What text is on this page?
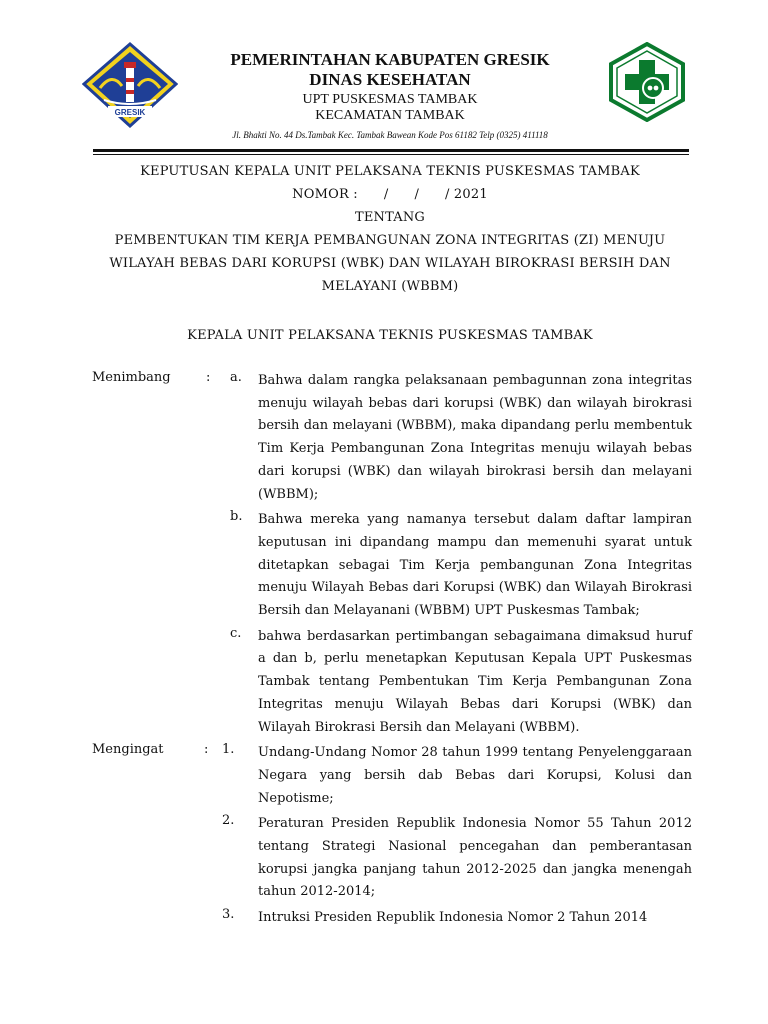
GRESIK
PEMERINTAHAN KABUPATEN GRESIK
DINAS KESEHATAN
UPT PUSKESMAS TAMBAK
KECAMATAN TAMBAK
Jl. Bhakti No. 44 Ds.Tambak Kec. Tambak Bawean Kode Pos 61182 Telp (0325) 411118
KEPUTUSAN KEPALA UNIT PELAKSANA TEKNIS PUSKESMAS TAMBAK
NOMOR :      /      /      / 2021
TENTANG
PEMBENTUKAN TIM KERJA PEMBANGUNAN ZONA INTEGRITAS (ZI) MENUJU WILAYAH BEBAS DARI KORUPSI (WBK) DAN WILAYAH BIROKRASI BERSIH DAN MELAYANI (WBBM)
KEPALA UNIT PELAKSANA TEKNIS PUSKESMAS TAMBAK
Menimbang	: a. Bahwa dalam rangka pelaksanaan pembagunnan zona integritas menuju wilayah bebas dari korupsi (WBK) dan wilayah birokrasi bersih dan melayani (WBBM), maka dipandang perlu membentuk Tim Kerja Pembangunan Zona Integritas menuju wilayah bebas dari korupsi (WBK) dan wilayah birokrasi bersih dan melayani (WBBM);
b. Bahwa mereka yang namanya tersebut dalam daftar lampiran keputusan ini dipandang mampu dan memenuhi syarat untuk ditetapkan sebagai Tim Kerja pembangunan Zona Integritas menuju Wilayah Bebas dari Korupsi (WBK) dan Wilayah Birokrasi Bersih dan Melayanani (WBBM) UPT Puskesmas Tambak;
c. bahwa berdasarkan pertimbangan sebagaimana dimaksud huruf a dan b, perlu menetapkan Keputusan Kepala UPT Puskesmas Tambak tentang Pembentukan Tim Kerja Pembangunan Zona Integritas menuju Wilayah Bebas dari Korupsi (WBK) dan Wilayah Birokrasi Bersih dan Melayani (WBBM).
Mengingat	: 1. Undang-Undang Nomor 28 tahun 1999 tentang Penyelenggaraan Negara yang bersih dab Bebas dari Korupsi, Kolusi dan Nepotisme;
2. Peraturan Presiden Republik Indonesia Nomor 55 Tahun 2012 tentang Strategi Nasional pencegahan dan pemberantasan korupsi jangka panjang tahun 2012-2025 dan jangka menengah tahun 2012-2014;
3. Intruksi Presiden Republik Indonesia Nomor 2 Tahun 2014
